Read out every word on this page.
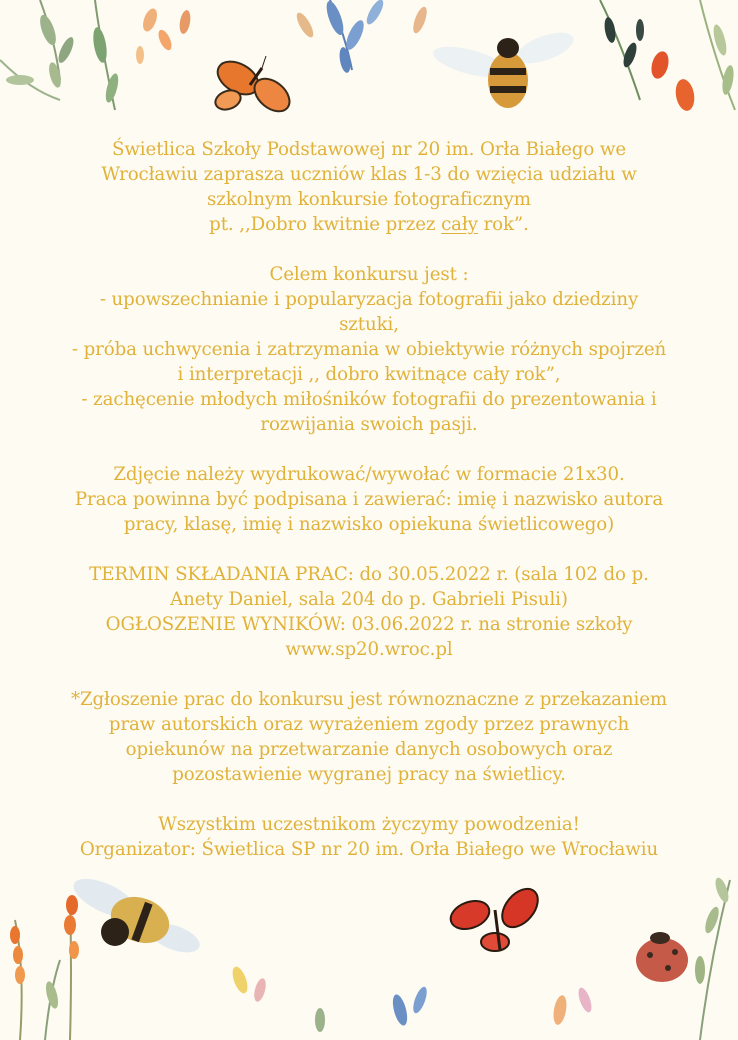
Świetlica Szkoły Podstawowej nr 20 im. Orła Białego we

Wrocławiu zaprasza uczniów klas 1-3 do wzięcia udziału w

szkolnym konkursie fotograficznym

pt. ,,Dobro kwitnie przez cały rok”.

Celem konkursu jest :

- upowszechnianie i popularyzacja fotografii jako dziedziny

sztuki,

- próba uchwycenia i zatrzymania w obiektywie różnych spojrzeń

i interpretacji ,, dobro kwitnące cały rok”,

- zachęcenie młodych miłośników fotografii do prezentowania i

rozwijania swoich pasji.

Zdjęcie należy wydrukować/wywołać w formacie 21x30.

Praca powinna być podpisana i zawierać: imię i nazwisko autora

pracy, klasę, imię i nazwisko opiekuna świetlicowego)

TERMIN SKŁADANIA PRAC: do 30.05.2022 r. (sala 102 do p.

Anety Daniel, sala 204 do p. Gabrieli Pisuli)

OGŁOSZENIE WYNIKÓW: 03.06.2022 r. na stronie szkoły

www.sp20.wroc.pl

*Zgłoszenie prac do konkursu jest równoznaczne z przekazaniem

praw autorskich oraz wyrażeniem zgody przez prawnych

opiekunów na przetwarzanie danych osobowych oraz

pozostawienie wygranej pracy na świetlicy.

Wszystkim uczestnikom życzymy powodzenia!

Organizator: Świetlica SP nr 20 im. Orła Białego we Wrocławiu
